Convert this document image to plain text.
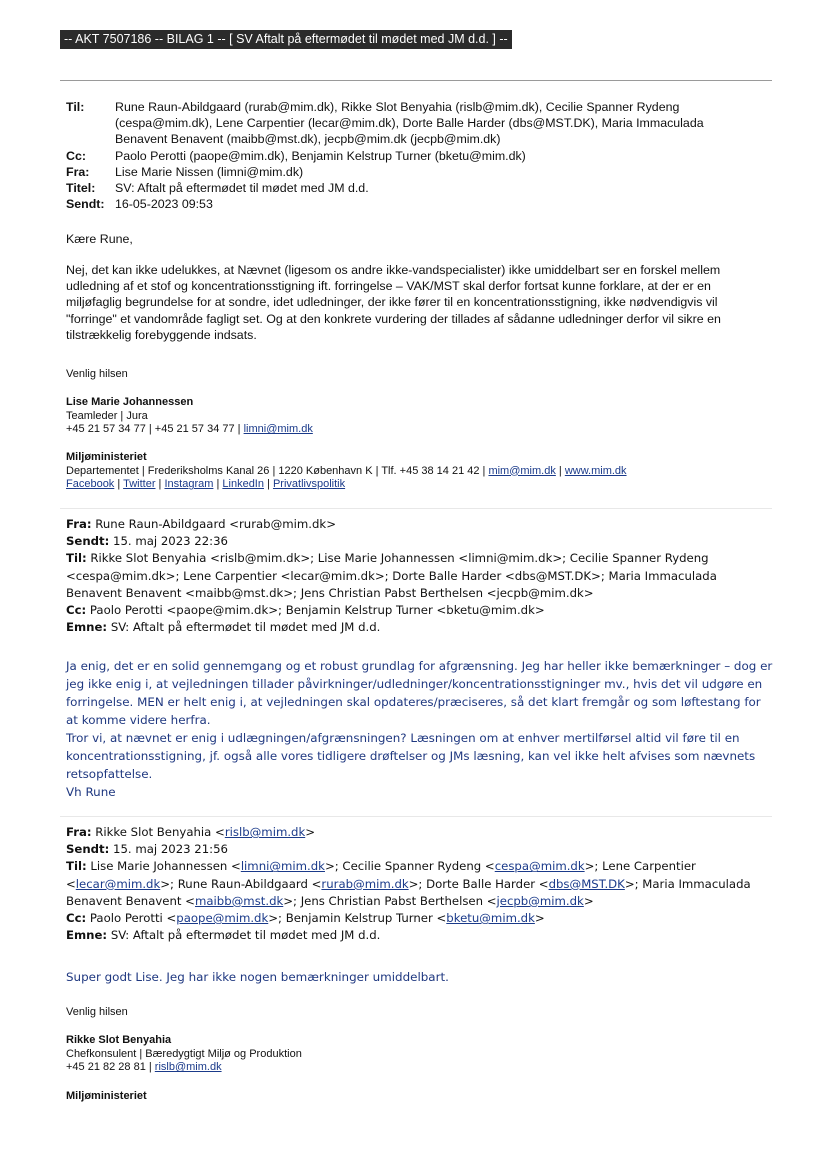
-- AKT 7507186 -- BILAG 1 -- [ SV Aftalt på eftermødet til mødet med JM d.d. ] --
Til:	Rune Raun-Abildgaard (rurab@mim.dk), Rikke Slot Benyahia (rislb@mim.dk), Cecilie Spanner Rydeng
(cespa@mim.dk), Lene Carpentier (lecar@mim.dk), Dorte Balle Harder (dbs@MST.DK), Maria Immaculada
Benavent Benavent (maibb@mst.dk), jecpb@mim.dk (jecpb@mim.dk)

Cc:	Paolo Perotti (paope@mim.dk), Benjamin Kelstrup Turner (bketu@mim.dk)
Fra:	Lise Marie Nissen (limni@mim.dk)
Titel:	SV: Aftalt på eftermødet til mødet med JM d.d.
Sendt:	16-05-2023 09:53
Kære Rune,
Nej, det kan ikke udelukkes, at Nævnet (ligesom os andre ikke-vandspecialister) ikke umiddelbart ser en forskel mellem
udledning af et stof og koncentrationsstigning ift. forringelse – VAK/MST skal derfor fortsat kunne forklare, at der er en
miljøfaglig begrundelse for at sondre, idet udledninger, der ikke fører til en koncentrationsstigning, ikke nødvendigvis vil
"forringe" et vandområde fagligt set. Og at den konkrete vurdering der tillades af sådanne udledninger derfor vil sikre en
tilstrækkelig forebyggende indsats.
Venlig hilsen
Lise Marie Johannessen
Teamleder | Jura
+45 21 57 34 77 | +45 21 57 34 77 | limni@mim.dk
Miljøministeriet
Departementet | Frederiksholms Kanal 26 | 1220 København K | Tlf. +45 38 14 21 42 | mim@mim.dk | www.mim.dk
Facebook | Twitter | Instagram | LinkedIn | Privatlivspolitik
Fra: Rune Raun-Abildgaard <rurab@mim.dk>
Sendt: 15. maj 2023 22:36
Til: Rikke Slot Benyahia <rislb@mim.dk>; Lise Marie Johannessen <limni@mim.dk>; Cecilie Spanner Rydeng
<cespa@mim.dk>; Lene Carpentier <lecar@mim.dk>; Dorte Balle Harder <dbs@MST.DK>; Maria Immaculada
Benavent Benavent <maibb@mst.dk>; Jens Christian Pabst Berthelsen <jecpb@mim.dk>
Cc: Paolo Perotti <paope@mim.dk>; Benjamin Kelstrup Turner <bketu@mim.dk>
Emne: SV: Aftalt på eftermødet til mødet med JM d.d.
Ja enig, det er en solid gennemgang og et robust grundlag for afgrænsning. Jeg har heller ikke bemærkninger – dog er
jeg ikke enig i, at vejledningen tillader påvirkninger/udledninger/koncentrationsstigninger mv., hvis det vil udgøre en
forringelse. MEN er helt enig i, at vejledningen skal opdateres/præciseres, så det klart fremgår og som løftestang for
at komme videre herfra.
Tror vi, at nævnet er enig i udlægningen/afgrænsningen? Læsningen om at enhver mertilførsel altid vil føre til en
koncentrationsstigning, jf. også alle vores tidligere drøftelser og JMs læsning, kan vel ikke helt afvises som nævnets
retsopfattelse.
Vh Rune
Fra: Rikke Slot Benyahia <rislb@mim.dk>
Sendt: 15. maj 2023 21:56
Til: Lise Marie Johannessen <limni@mim.dk>; Cecilie Spanner Rydeng <cespa@mim.dk>; Lene Carpentier
<lecar@mim.dk>; Rune Raun-Abildgaard <rurab@mim.dk>; Dorte Balle Harder <dbs@MST.DK>; Maria Immaculada
Benavent Benavent <maibb@mst.dk>; Jens Christian Pabst Berthelsen <jecpb@mim.dk>
Cc: Paolo Perotti <paope@mim.dk>; Benjamin Kelstrup Turner <bketu@mim.dk>
Emne: SV: Aftalt på eftermødet til mødet med JM d.d.
Super godt Lise. Jeg har ikke nogen bemærkninger umiddelbart.
Venlig hilsen
Rikke Slot Benyahia
Chefkonsulent | Bæredygtigt Miljø og Produktion
+45 21 82 28 81 | rislb@mim.dk
Miljøministeriet
